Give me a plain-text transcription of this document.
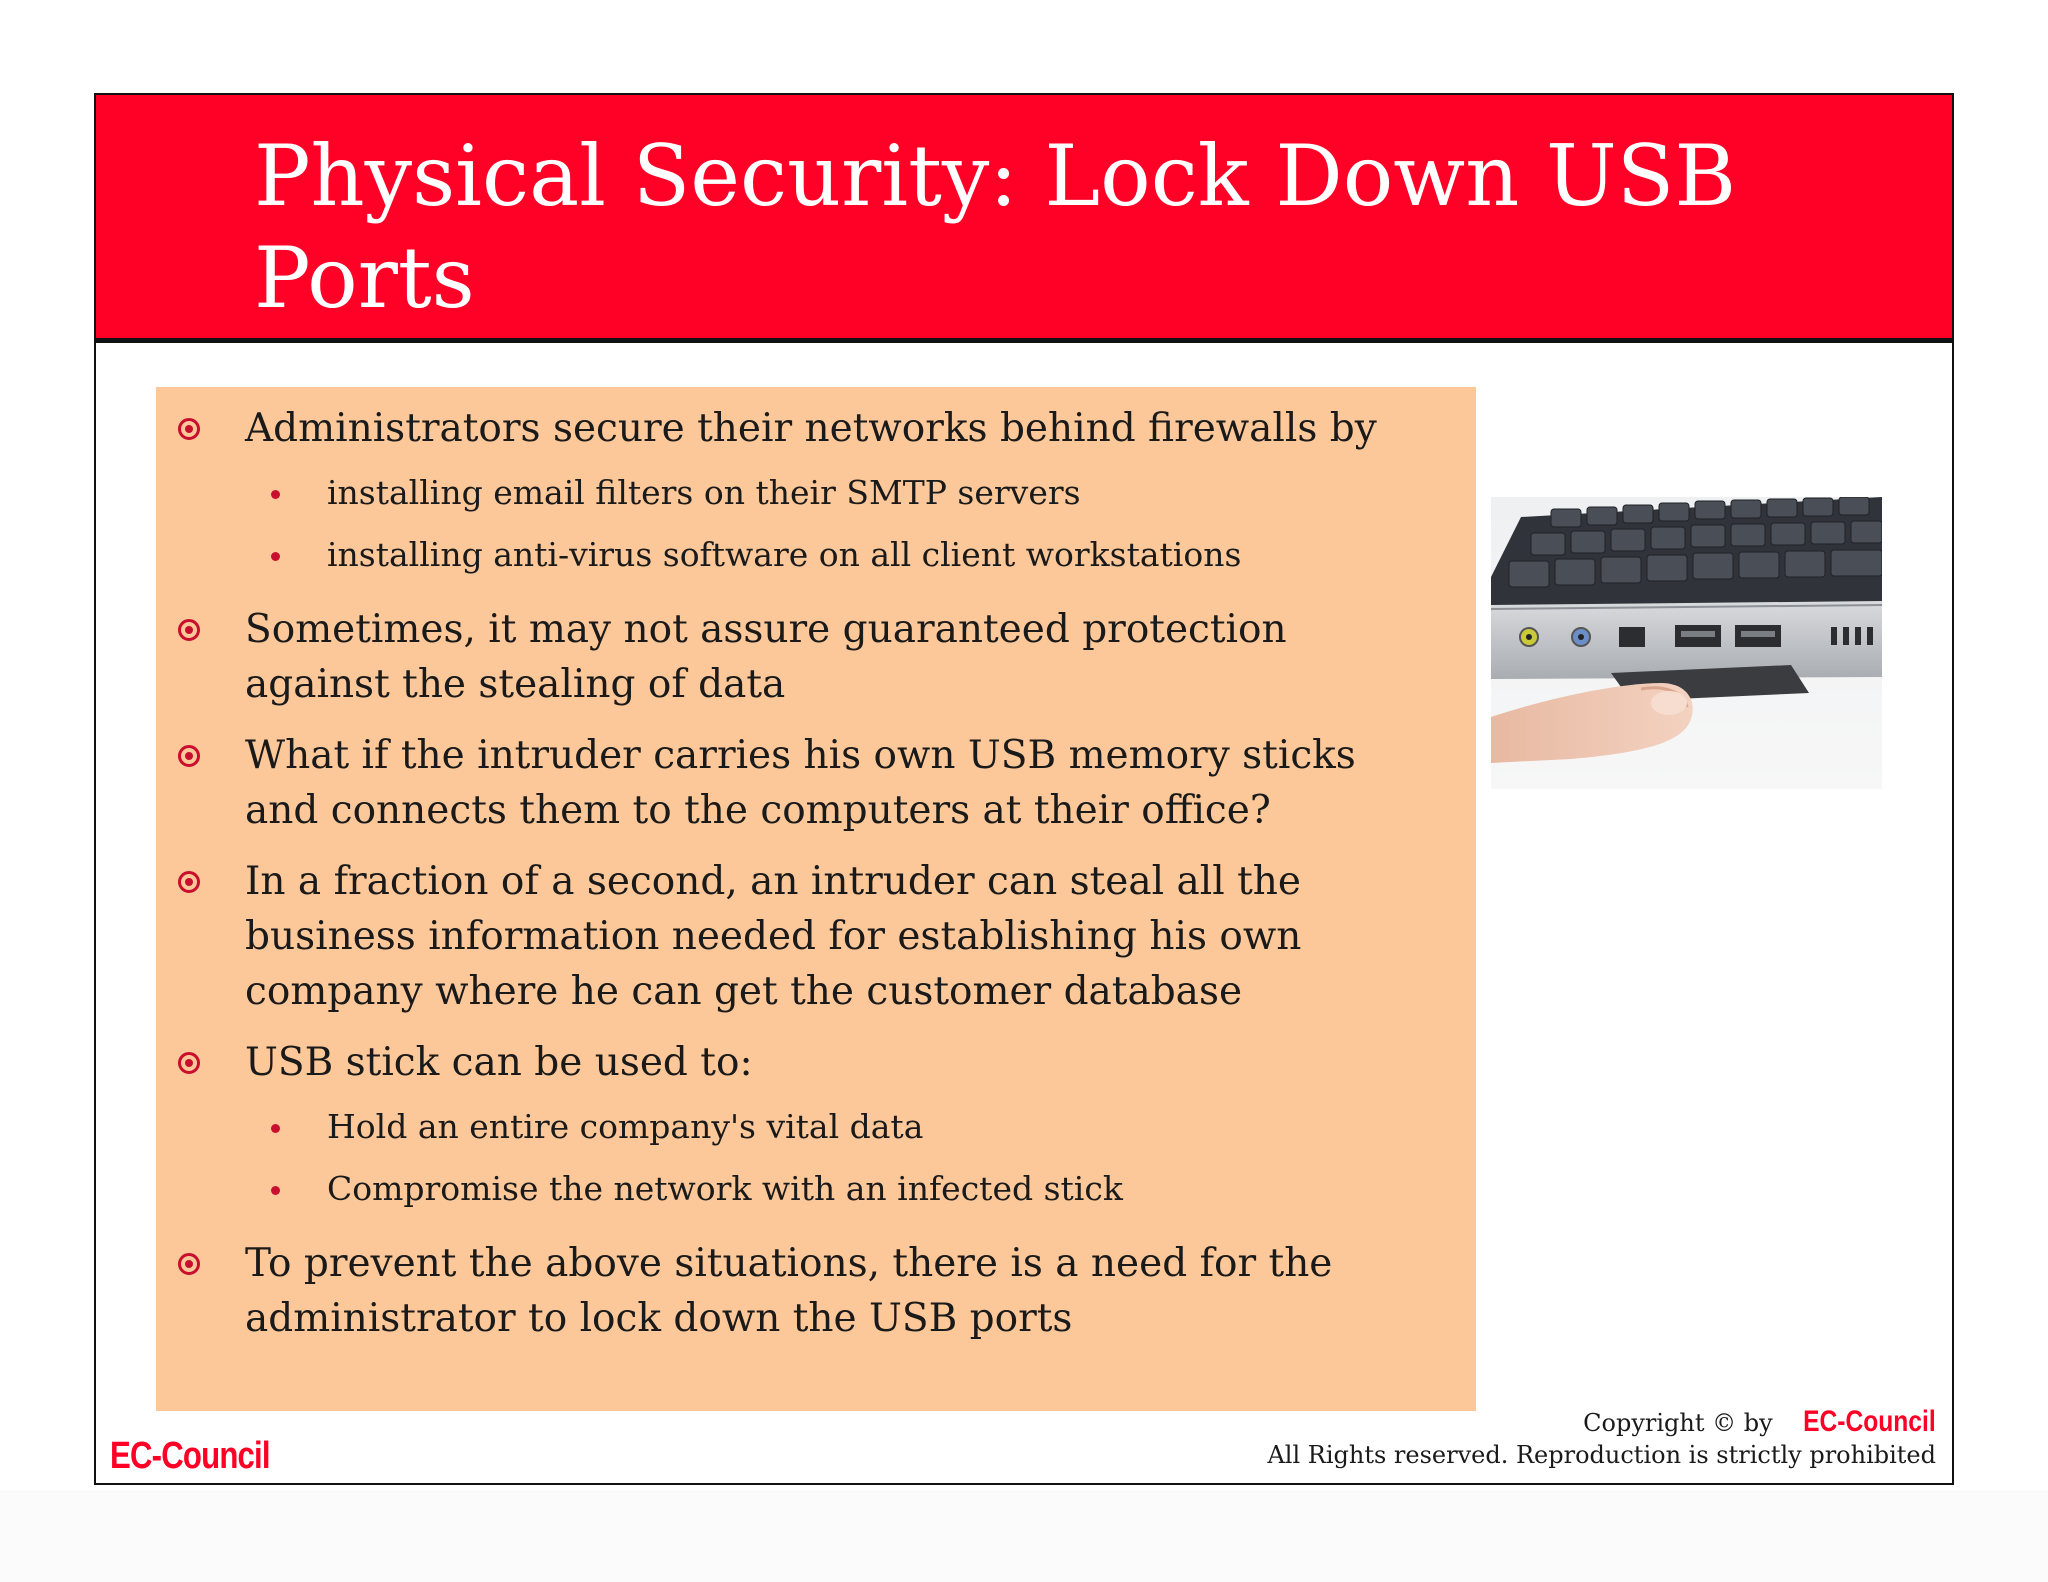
Physical Security: Lock Down USB Ports
Administrators secure their networks behind firewalls by
installing email filters on their SMTP servers
installing anti-virus software on all client workstations
Sometimes, it may not assure guaranteed protection against the stealing of data
What if the intruder carries his own USB memory sticks and connects them to the computers at their office?
In a fraction of a second, an intruder can steal all the business information needed for establishing his own company where he can get the customer database
USB stick can be used to:
Hold an entire company's vital data
Compromise the network with an infected stick
To prevent the above situations, there is a need for the administrator to lock down the USB ports
EC-Council
Copyright © by EC-Council
All Rights reserved. Reproduction is strictly prohibited
